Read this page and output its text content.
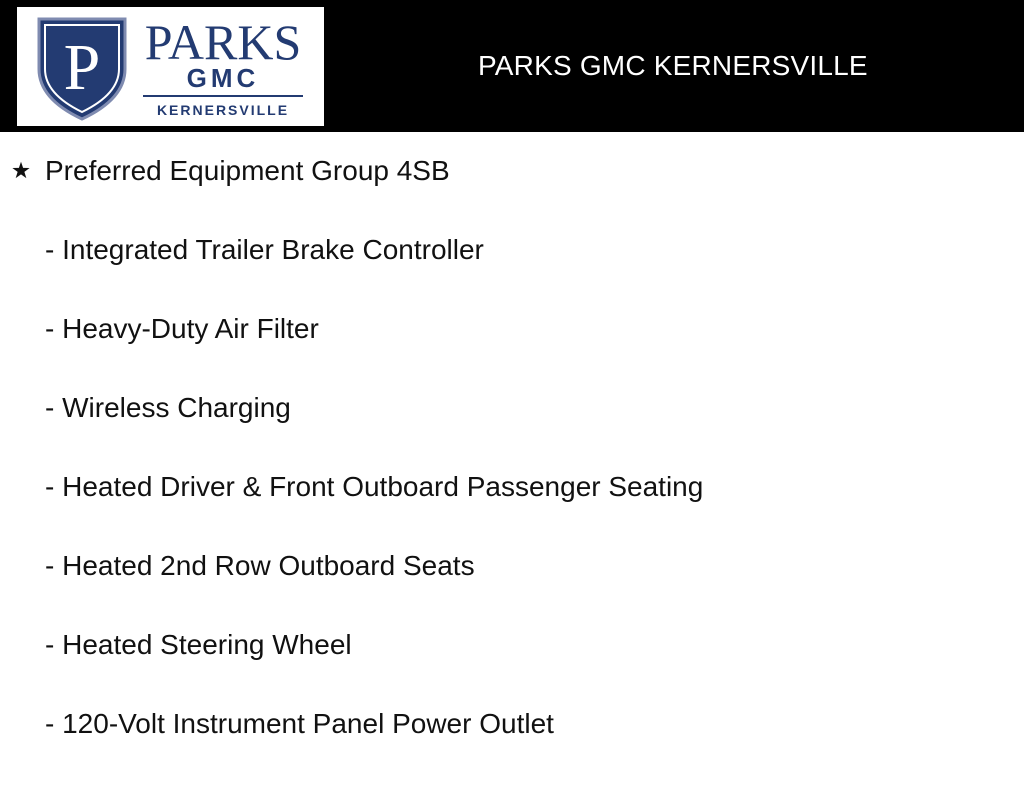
P PARKS
GMC
KERNERSVILLE
PARKS GMC KERNERSVILLE
Preferred Equipment Group 4SB
- Integrated Trailer Brake Controller
- Heavy-Duty Air Filter
- Wireless Charging
- Heated Driver & Front Outboard Passenger Seating
- Heated 2nd Row Outboard Seats
- Heated Steering Wheel
- 120-Volt Instrument Panel Power Outlet
